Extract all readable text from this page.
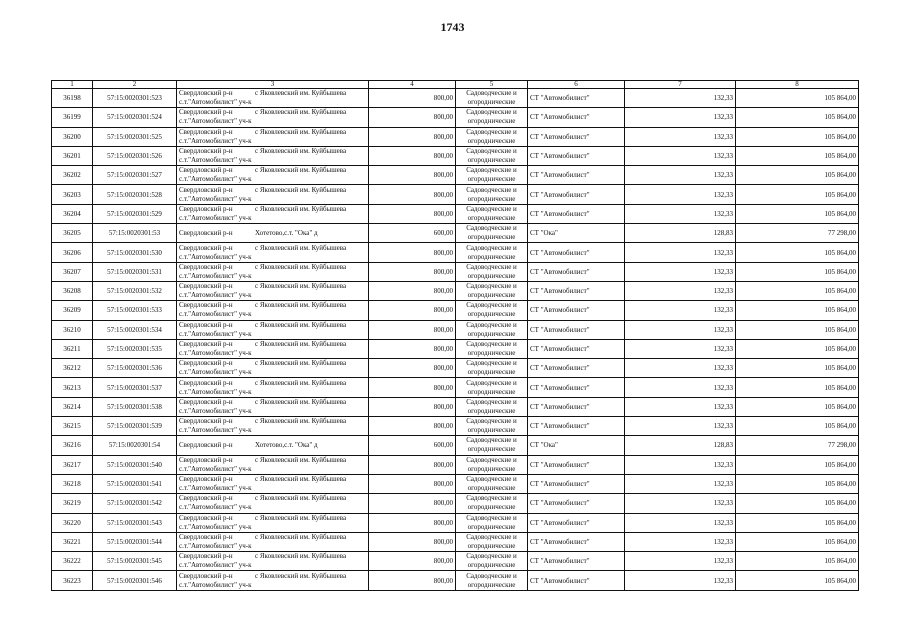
1743
1	2	3	4	5	6	7	8
36198	57:15:0020301:523	Свердловский р-н с Яковлевский им. Куйбышева
с.т."Автомобилист" уч-к	800,00	Садоводческие и
огороднические	СТ "Автомобилист"	132,33	105 864,00
36199	57:15:0020301:524	Свердловский р-н с Яковлевский им. Куйбышева
с.т."Автомобилист" уч-к	800,00	Садоводческие и
огороднические	СТ "Автомобилист"	132,33	105 864,00
36200	57:15:0020301:525	Свердловский р-н с Яковлевский им. Куйбышева
с.т."Автомобилист" уч-к	800,00	Садоводческие и
огороднические	СТ "Автомобилист"	132,33	105 864,00
36201	57:15:0020301:526	Свердловский р-н с Яковлевский им. Куйбышева
с.т."Автомобилист" уч-к	800,00	Садоводческие и
огороднические	СТ "Автомобилист"	132,33	105 864,00
36202	57:15:0020301:527	Свердловский р-н с Яковлевский им. Куйбышева
с.т."Автомобилист" уч-к	800,00	Садоводческие и
огороднические	СТ "Автомобилист"	132,33	105 864,00
36203	57:15:0020301:528	Свердловский р-н с Яковлевский им. Куйбышева
с.т."Автомобилист" уч-к	800,00	Садоводческие и
огороднические	СТ "Автомобилист"	132,33	105 864,00
36204	57:15:0020301:529	Свердловский р-н с Яковлевский им. Куйбышева
с.т."Автомобилист" уч-к	800,00	Садоводческие и
огороднические	СТ "Автомобилист"	132,33	105 864,00
36205	57:15:0020301:53	Свердловский р-н Хотетово,с.т. "Ока" д	600,00	Садоводческие и
огороднические	СТ "Ока"	128,83	77 298,00
36206	57:15:0020301:530	Свердловский р-н с Яковлевский им. Куйбышева
с.т."Автомобилист" уч-к	800,00	Садоводческие и
огороднические	СТ "Автомобилист"	132,33	105 864,00
36207	57:15:0020301:531	Свердловский р-н с Яковлевский им. Куйбышева
с.т."Автомобилист" уч-к	800,00	Садоводческие и
огороднические	СТ "Автомобилист"	132,33	105 864,00
36208	57:15:0020301:532	Свердловский р-н с Яковлевский им. Куйбышева
с.т."Автомобилист" уч-к	800,00	Садоводческие и
огороднические	СТ "Автомобилист"	132,33	105 864,00
36209	57:15:0020301:533	Свердловский р-н с Яковлевский им. Куйбышева
с.т."Автомобилист" уч-к	800,00	Садоводческие и
огороднические	СТ "Автомобилист"	132,33	105 864,00
36210	57:15:0020301:534	Свердловский р-н с Яковлевский им. Куйбышева
с.т."Автомобилист" уч-к	800,00	Садоводческие и
огороднические	СТ "Автомобилист"	132,33	105 864,00
36211	57:15:0020301:535	Свердловский р-н с Яковлевский им. Куйбышева
с.т."Автомобилист" уч-к	800,00	Садоводческие и
огороднические	СТ "Автомобилист"	132,33	105 864,00
36212	57:15:0020301:536	Свердловский р-н с Яковлевский им. Куйбышева
с.т."Автомобилист" уч-к	800,00	Садоводческие и
огороднические	СТ "Автомобилист"	132,33	105 864,00
36213	57:15:0020301:537	Свердловский р-н с Яковлевский им. Куйбышева
с.т."Автомобилист" уч-к	800,00	Садоводческие и
огороднические	СТ "Автомобилист"	132,33	105 864,00
36214	57:15:0020301:538	Свердловский р-н с Яковлевский им. Куйбышева
с.т."Автомобилист" уч-к	800,00	Садоводческие и
огороднические	СТ "Автомобилист"	132,33	105 864,00
36215	57:15:0020301:539	Свердловский р-н с Яковлевский им. Куйбышева
с.т."Автомобилист" уч-к	800,00	Садоводческие и
огороднические	СТ "Автомобилист"	132,33	105 864,00
36216	57:15:0020301:54	Свердловский р-н Хотетово,с.т. "Ока" д	600,00	Садоводческие и
огороднические	СТ "Ока"	128,83	77 298,00
36217	57:15:0020301:540	Свердловский р-н с Яковлевский им. Куйбышева
с.т."Автомобилист" уч-к	800,00	Садоводческие и
огороднические	СТ "Автомобилист"	132,33	105 864,00
36218	57:15:0020301:541	Свердловский р-н с Яковлевский им. Куйбышева
с.т."Автомобилист" уч-к	800,00	Садоводческие и
огороднические	СТ "Автомобилист"	132,33	105 864,00
36219	57:15:0020301:542	Свердловский р-н с Яковлевский им. Куйбышева
с.т."Автомобилист" уч-к	800,00	Садоводческие и
огороднические	СТ "Автомобилист"	132,33	105 864,00
36220	57:15:0020301:543	Свердловский р-н с Яковлевский им. Куйбышева
с.т."Автомобилист" уч-к	800,00	Садоводческие и
огороднические	СТ "Автомобилист"	132,33	105 864,00
36221	57:15:0020301:544	Свердловский р-н с Яковлевский им. Куйбышева
с.т."Автомобилист" уч-к	800,00	Садоводческие и
огороднические	СТ "Автомобилист"	132,33	105 864,00
36222	57:15:0020301:545	Свердловский р-н с Яковлевский им. Куйбышева
с.т."Автомобилист" уч-к	800,00	Садоводческие и
огороднические	СТ "Автомобилист"	132,33	105 864,00
36223	57:15:0020301:546	Свердловский р-н с Яковлевский им. Куйбышева
с.т."Автомобилист" уч-к	800,00	Садоводческие и
огороднические	СТ "Автомобилист"	132,33	105 864,00
